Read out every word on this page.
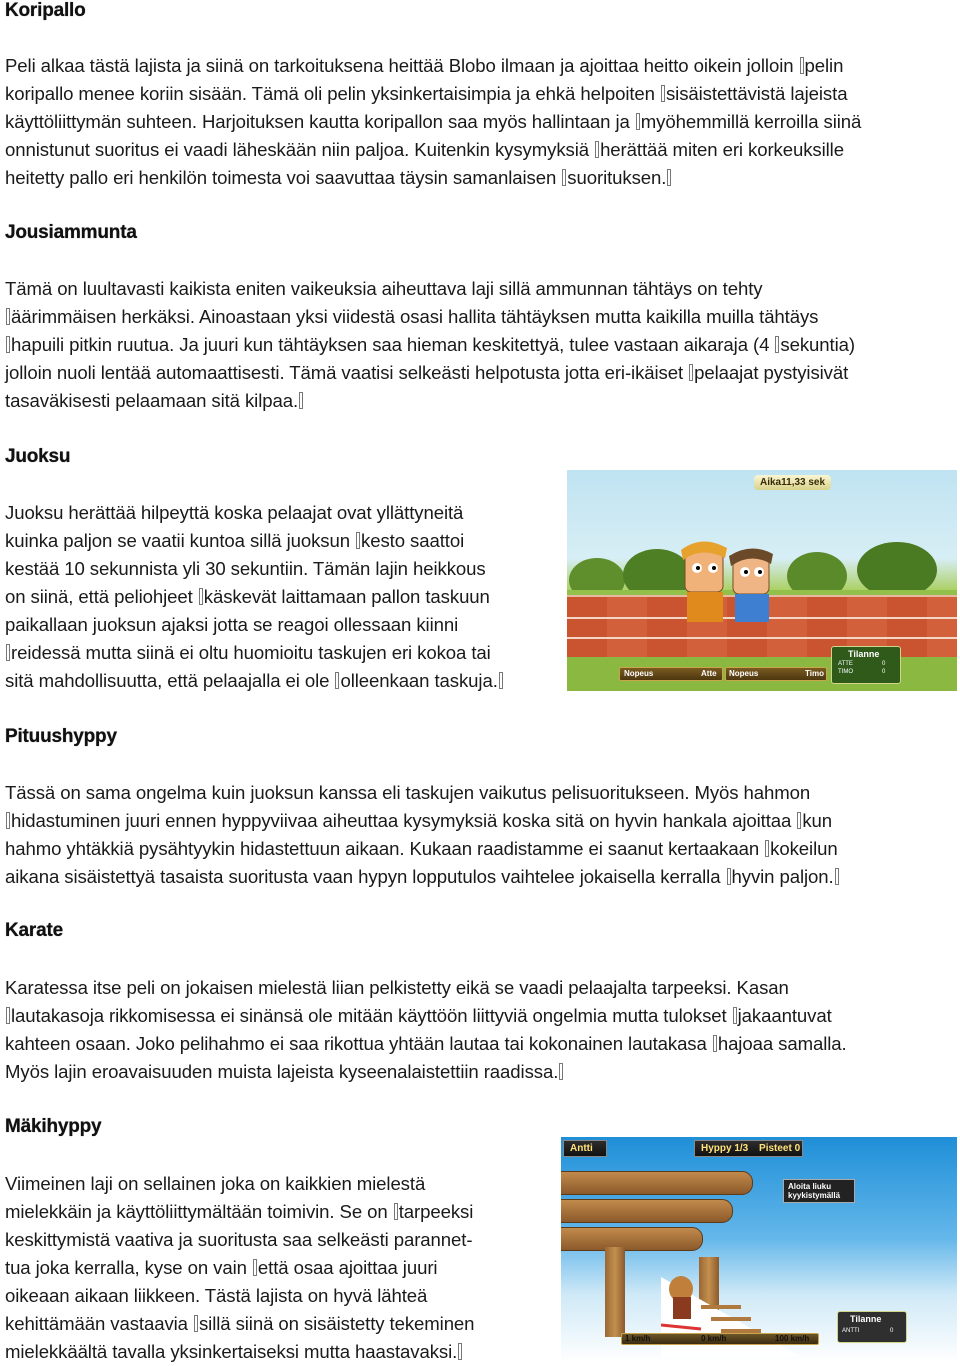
Koripallo

Peli alkaa tästä lajista ja siinä on tarkoituksena heittää Blobo ilmaan ja ajoittaa heitto oikein jolloin pelin
koripallo menee koriin sisään. Tämä oli pelin yksinkertaisimpia ja ehkä helpoiten sisäistettävistä lajeista
käyttöliittymän suhteen. Harjoituksen kautta koripallon saa myös hallintaan ja myöhemmillä kerroilla siinä
onnistunut suoritus ei vaadi läheskään niin paljoa. Kuitenkin kysymyksiä herättää miten eri korkeuksille
heitetty pallo eri henkilön toimesta voi saavuttaa täysin samanlaisen suorituksen.

Jousiammunta

Tämä on luultavasti kaikista eniten vaikeuksia aiheuttava laji sillä ammunnan tähtäys on tehty
äärimmäisen herkäksi. Ainoastaan yksi viidestä osasi hallita tähtäyksen mutta kaikilla muilla tähtäys
hapuili pitkin ruutua. Ja juuri kun tähtäyksen saa hieman keskitettyä, tulee vastaan aikaraja (4 sekuntia)
jolloin nuoli lentää automaattisesti. Tämä vaatisi selkeästi helpotusta jotta eri-ikäiset pelaajat pystyisivät
tasaväkisesti pelaamaan sitä kilpaa.

Juoksu

Juoksu herättää hilpeyttä koska pelaajat ovat yllättyneitä
kuinka paljon se vaatii kuntoa sillä juoksun kesto saattoi
kestää 10 sekunnista yli 30 sekuntiin. Tämän lajin heikkous
on siinä, että peliohjeet käskevät laittamaan pallon taskuun
paikallaan juoksun ajaksi jotta se reagoi ollessaan kiinni
reidessä mutta siinä ei oltu huomioitu taskujen eri kokoa tai
sitä mahdollisuutta, että pelaajalla ei ole olleenkaan taskuja.

Pituushyppy

Tässä on sama ongelma kuin juoksun kanssa eli taskujen vaikutus pelisuoritukseen. Myös hahmon
hidastuminen juuri ennen hyppyviivaa aiheuttaa kysymyksiä koska sitä on hyvin hankala ajoittaa kun
hahmo yhtäkkiä pysähtyykin hidastettuun aikaan. Kukaan raadistamme ei saanut kertaakaan kokeilun
aikana sisäistettyä tasaista suoritusta vaan hypyn lopputulos vaihtelee jokaisella kerralla hyvin paljon.

Karate

Karatessa itse peli on jokaisen mielestä liian pelkistetty eikä se vaadi pelaajalta tarpeeksi. Kasan
lautakasoja rikkomisessa ei sinänsä ole mitään käyttöön liittyviä ongelmia mutta tulokset jakaantuvat
kahteen osaan. Joko pelihahmo ei saa rikottua yhtään lautaa tai kokonainen lautakasa hajoaa samalla.
Myös lajin eroavaisuuden muista lajeista kyseenalaistettiin raadissa.

Mäkihyppy

Viimeinen laji on sellainen joka on kaikkien mielestä
mielekkäin ja käyttöliittymältään toimivin. Se on tarpeeksi
keskittymistä vaativa ja suoritusta saa selkeästi parannet-
tua joka kerralla, kyse on vain että osaa ajoittaa juuri
oikeaan aikaan liikkeen. Tästä lajista on hyvä lähteä
kehittämään vastaavia sillä siinä on sisäistetty tekeminen
mielekkäältä tavalla yksinkertaiseksi mutta haastavaksi.

Aika11,33 sek
Nopeus	Atte Nopeus	Timo
Tilanne
ATTE	0
TIMO	0
Antti	Hyppy 1/3 Pisteet 0
Aloita liuku kyykistymällä
1 km/h	0 km/h	100 km/h
Tilanne
ANTTI	0
